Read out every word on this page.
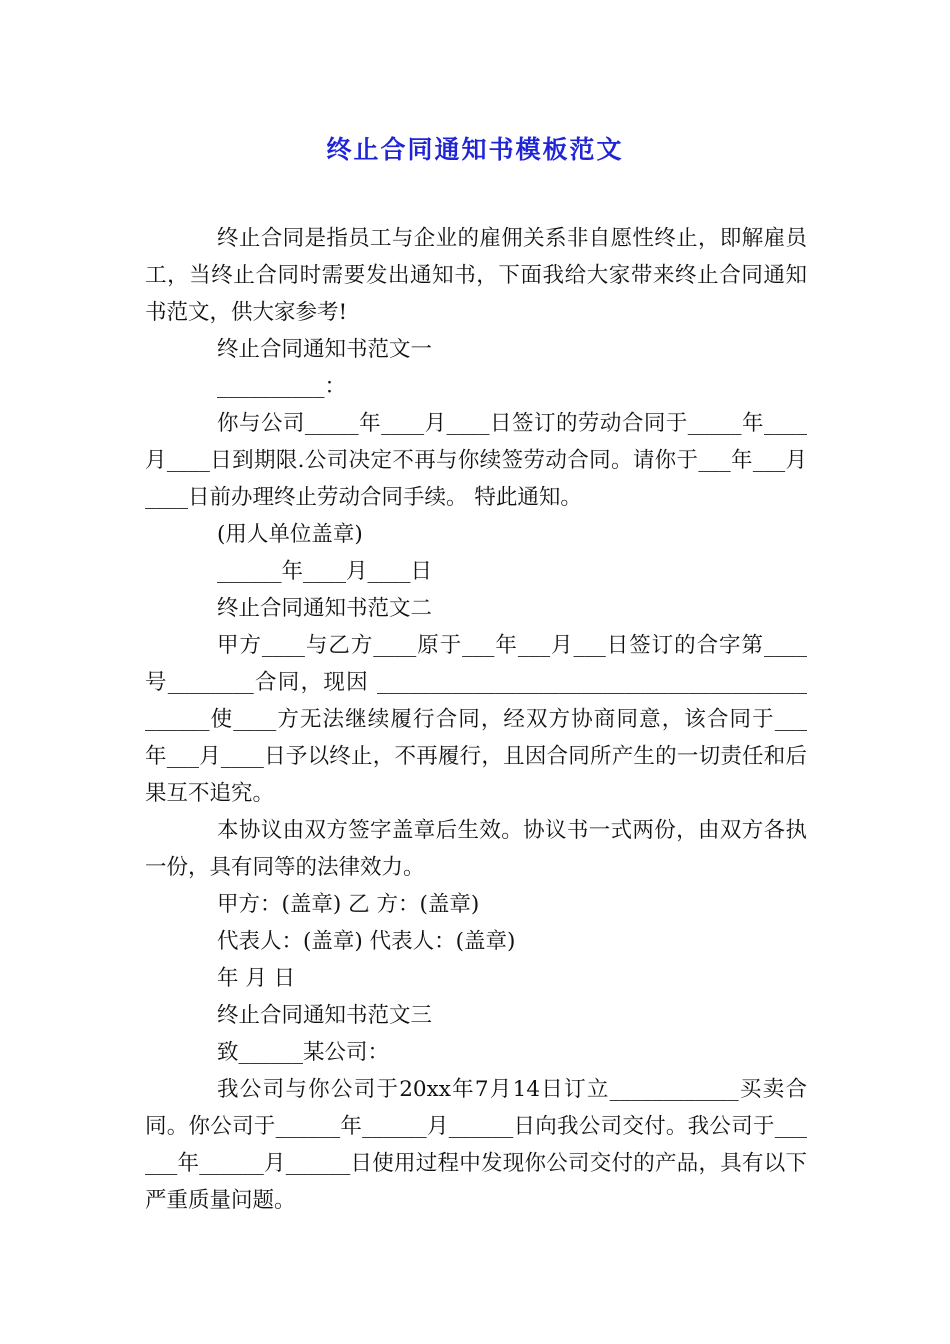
终止合同通知书模板范文

终止合同是指员工与企业的雇佣关系非自愿性终止，即解雇员工，当终止合同时需要发出通知书，下面我给大家带来终止合同通知书范文，供大家参考!

终止合同通知书范文一

__________：

你与公司_____年____月____日签订的劳动合同于_____年____月____日到期限.公司决定不再与你续签劳动合同。请你于___年___月____日前办理终止劳动合同手续。 特此通知。

(用人单位盖章)

______年____月____日

终止合同通知书范文二

甲方____与乙方____原于___年___月___日签订的合字第____号________合同，现因 ______________________________________________使____方无法继续履行合同，经双方协商同意，该合同于___ 年___月____日予以终止，不再履行，且因合同所产生的一切责任和后果互不追究。

本协议由双方签字盖章后生效。协议书一式两份，由双方各执一份，具有同等的法律效力。

甲方：(盖章) 乙 方：(盖章)

代表人：(盖章) 代表人：(盖章)

年 月 日

终止合同通知书范文三

致______某公司：

我公司与你公司于20xx年7月14日订立____________买卖合同。你公司于______年______月______日向我公司交付。我公司于______年______月______日使用过程中发现你公司交付的产品，具有以下严重质量问题。
